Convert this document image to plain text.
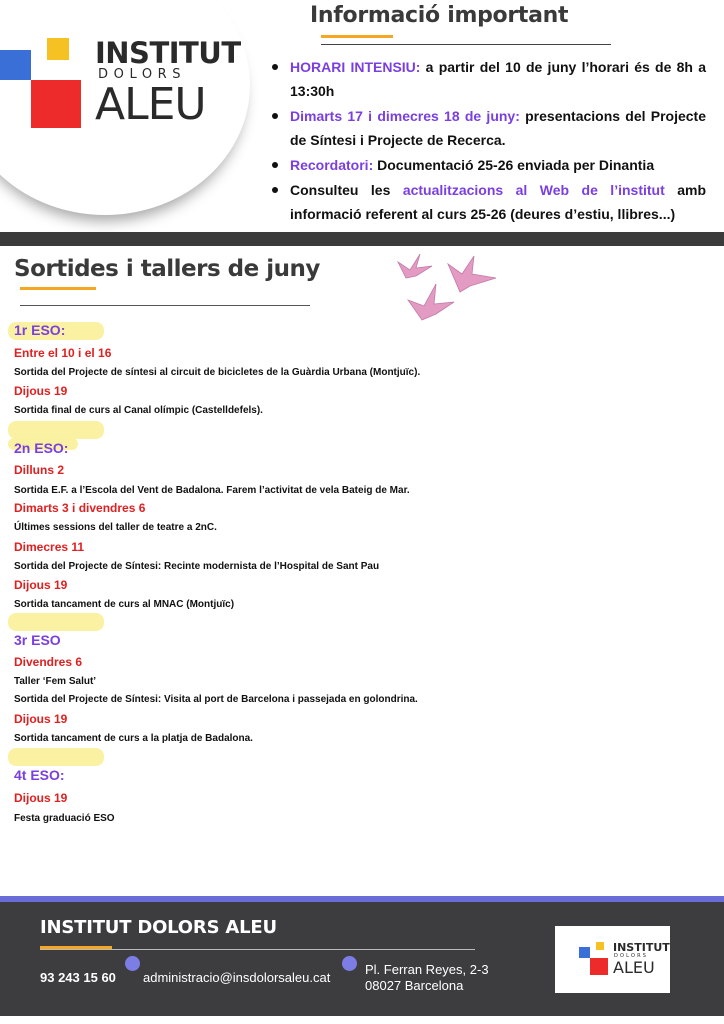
INSTITUT
DOLORS
ALEU
Informació important
HORARI INTENSIU: a partir del 10 de juny l’horari és de 8h a 13:30h
Dimarts 17 i dimecres 18 de juny: presentacions del Projecte de Síntesi i Projecte de Recerca.
Recordatori: Documentació 25-26 enviada per Dinantia
Consulteu les actualitzacions al Web de l’institut amb informació referent al curs 25-26 (deures d’estiu, llibres...)
Sortides i tallers de juny
1r ESO:
Entre el 10 i el 16
Sortida del Projecte de síntesi al circuit de bicicletes de la Guàrdia Urbana (Montjuïc).
Dijous 19
Sortida final de curs al Canal olímpic (Castelldefels).
2n ESO:
Dilluns 2
Sortida E.F. a l’Escola del Vent de Badalona. Farem l’activitat de vela Bateig de Mar.
Dimarts 3 i divendres 6
Últimes sessions del taller de teatre a 2nC.
Dimecres 11
Sortida del Projecte de Síntesi: Recinte modernista de l’Hospital de Sant Pau
Dijous 19
Sortida tancament de curs al MNAC (Montjuïc)
3r ESO
Divendres 6
Taller ‘Fem Salut’
Sortida del Projecte de Síntesi: Visita al port de Barcelona i passejada en golondrina.
Dijous 19
Sortida tancament de curs a la platja de Badalona.
4t ESO:
Dijous 19
Festa graduació ESO
INSTITUT DOLORS ALEU
93 243 15 60 administracio@insdolorsaleu.cat
Pl. Ferran Reyes, 2-3
08027 Barcelona
INSTITUT
DOLORS
ALEU
